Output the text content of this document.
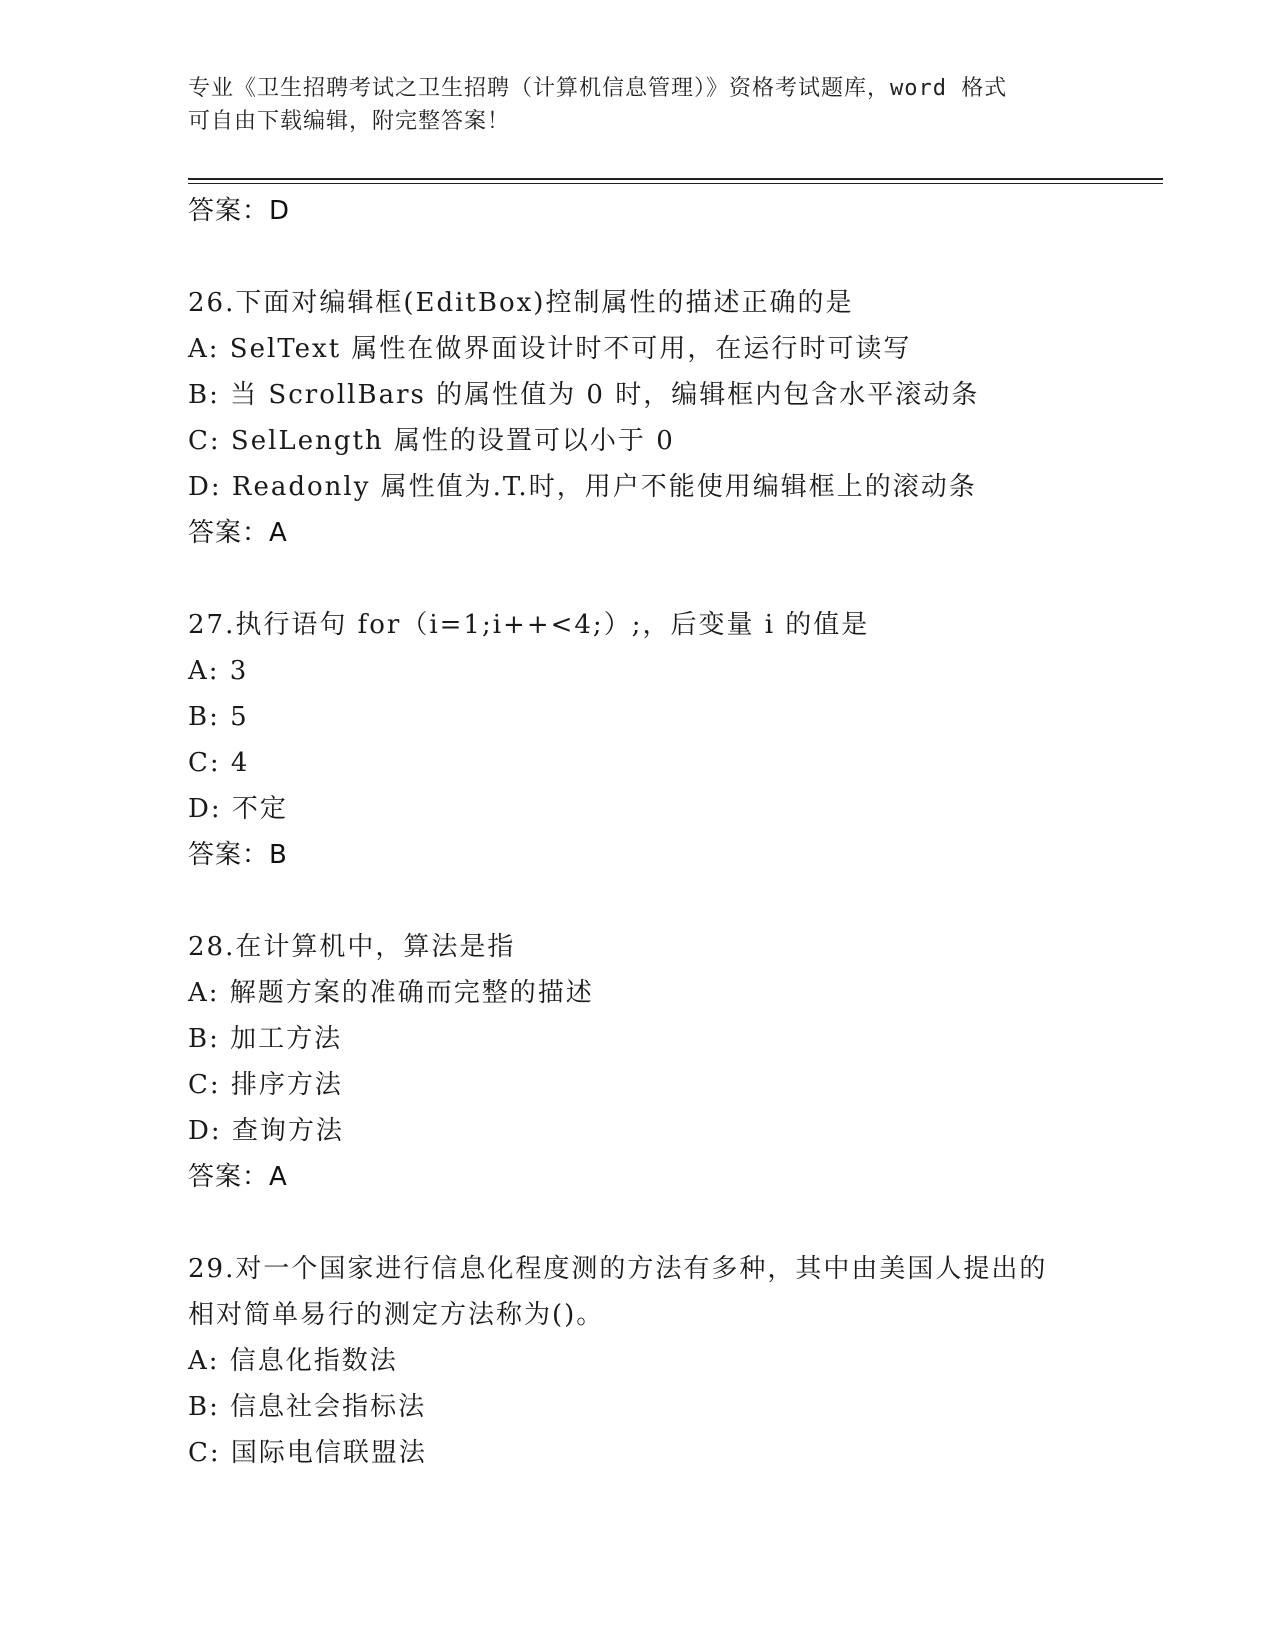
专业《卫生招聘考试之卫生招聘（计算机信息管理）》资格考试题库，word 格式
可自由下载编辑，附完整答案！
答案：D
26.下面对编辑框(EditBox)控制属性的描述正确的是
A: SelText 属性在做界面设计时不可用，在运行时可读写
B: 当 ScrollBars 的属性值为 0 时，编辑框内包含水平滚动条
C: SelLength 属性的设置可以小于 0
D: Readonly 属性值为.T.时，用户不能使用编辑框上的滚动条
答案：A
27.执行语句 for（i=1;i++<4;）;，后变量 i 的值是
A: 3
B: 5
C: 4
D: 不定
答案：B
28.在计算机中，算法是指
A: 解题方案的准确而完整的描述
B: 加工方法
C: 排序方法
D: 查询方法
答案：A
29.对一个国家进行信息化程度测的方法有多种，其中由美国人提出的
相对简单易行的测定方法称为()。
A: 信息化指数法
B: 信息社会指标法
C: 国际电信联盟法
